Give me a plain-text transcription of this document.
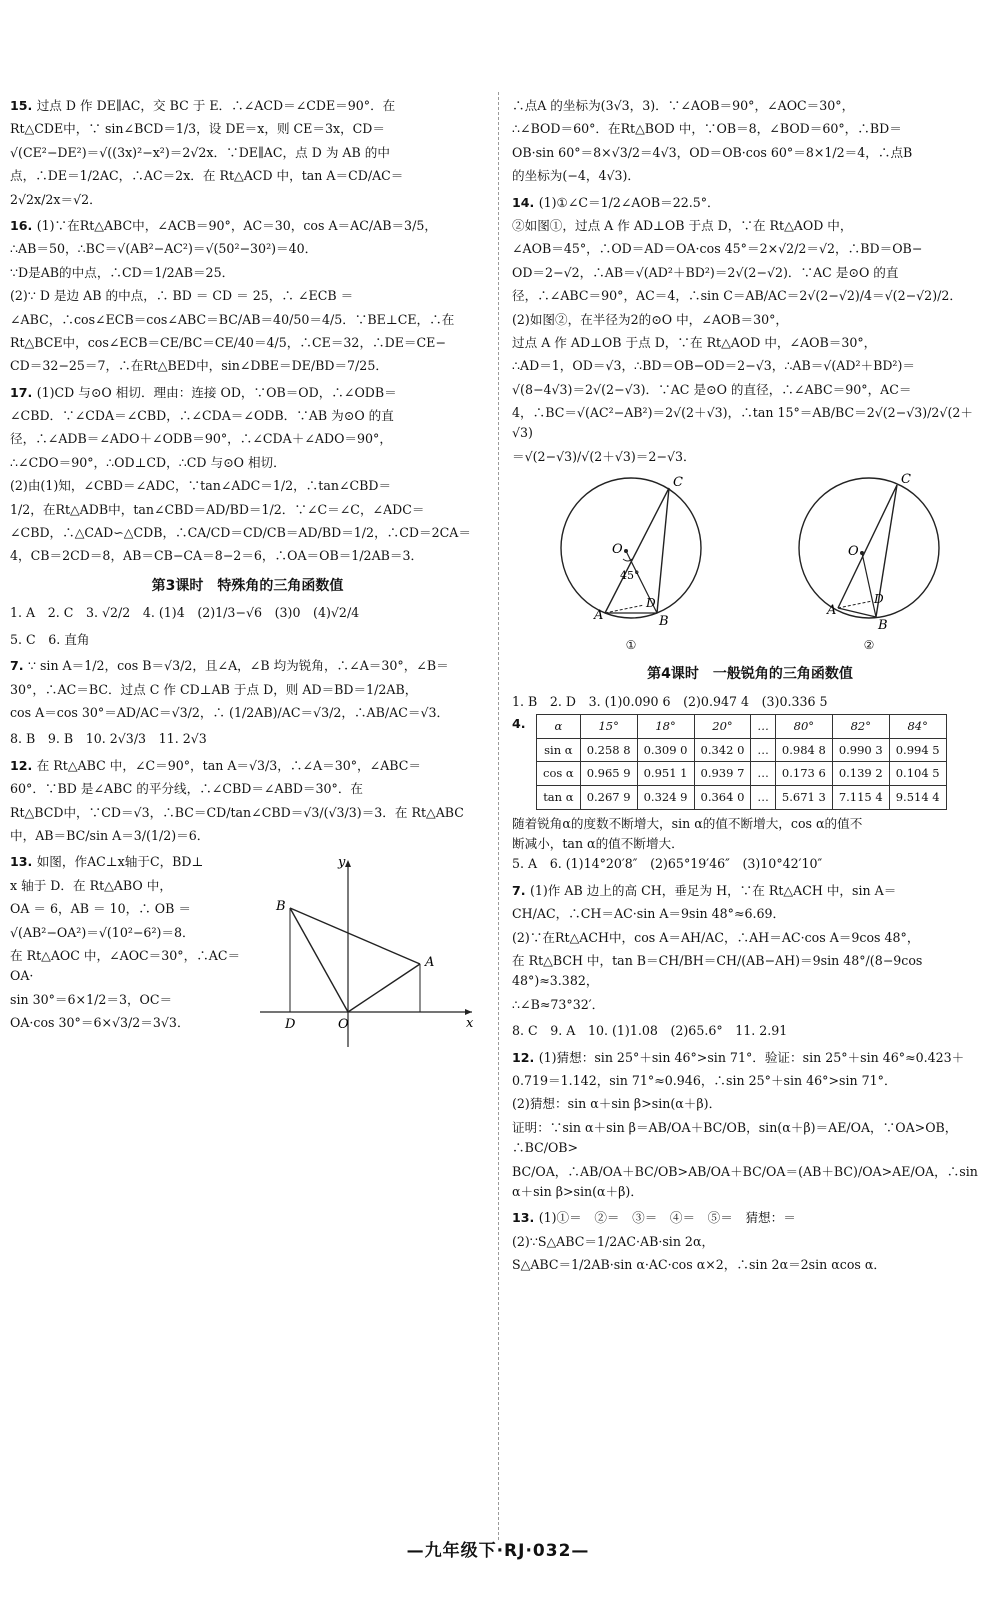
15. 过点 D 作 DE∥AC，交 BC 于 E．∴∠ACD＝∠CDE＝90°．在

Rt△CDE中，∵ sin∠BCD＝1/3，设 DE＝x，则 CE＝3x，CD＝

√(CE²−DE²)＝√((3x)²−x²)＝2√2x．∵DE∥AC，点 D 为 AB 的中

点，∴DE＝1/2AC，∴AC＝2x．在 Rt△ACD 中，tan A＝CD/AC＝

2√2x/2x＝√2．

16. (1)∵在Rt△ABC中，∠ACB＝90°，AC＝30，cos A＝AC/AB＝3/5，

∴AB＝50，∴BC＝√(AB²−AC²)＝√(50²−30²)＝40．

∵D是AB的中点，∴CD＝1/2AB＝25．

(2)∵ D 是边 AB 的中点，∴ BD ＝ CD ＝ 25，∴ ∠ECB ＝

∠ABC，∴cos∠ECB＝cos∠ABC＝BC/AB＝40/50＝4/5．∵BE⊥CE，∴在

Rt△BCE中，cos∠ECB＝CE/BC＝CE/40＝4/5，∴CE＝32，∴DE＝CE−

CD＝32−25＝7，∴在Rt△BED中，sin∠DBE＝DE/BD＝7/25．

17. (1)CD 与⊙O 相切．理由：连接 OD，∵OB＝OD，∴∠ODB＝

∠CBD．∵∠CDA＝∠CBD，∴∠CDA＝∠ODB．∵AB 为⊙O 的直

径，∴∠ADB＝∠ADO＋∠ODB＝90°，∴∠CDA＋∠ADO＝90°，

∴∠CDO＝90°，∴OD⊥CD，∴CD 与⊙O 相切．

(2)由(1)知，∠CBD＝∠ADC，∵tan∠ADC＝1/2，∴tan∠CBD＝

1/2，在Rt△ADB中，tan∠CBD＝AD/BD＝1/2．∵∠C＝∠C，∠ADC＝

∠CBD，∴△CAD∽△CDB，∴CA/CD＝CD/CB＝AD/BD＝1/2，∴CD＝2CA＝

4，CB＝2CD＝8，AB＝CB−CA＝8−2＝6，∴OA＝OB＝1/2AB＝3．

第3课时　特殊角的三角函数值

1. A　2. C　3. √2/2　4. (1)4　(2)1/3−√6　(3)0　(4)√2/4

5. C　6. 直角

7. ∵ sin A＝1/2，cos B＝√3/2，且∠A，∠B 均为锐角，∴∠A＝30°，∠B＝

30°，∴AC＝BC．过点 C 作 CD⊥AB 于点 D，则 AD＝BD＝1/2AB，

cos A＝cos 30°＝AD/AC＝√3/2，∴ (1/2AB)/AC＝√3/2，∴AB/AC＝√3．

8. B　9. B　10. 2√3/3　11. 2√3

12. 在 Rt△ABC 中，∠C＝90°，tan A＝√3/3，∴∠A＝30°，∠ABC＝

60°．∵BD 是∠ABC 的平分线，∴∠CBD＝∠ABD＝30°．在

Rt△BCD中，∵CD＝√3，∴BC＝CD/tan∠CBD＝√3/(√3/3)＝3．在 Rt△ABC

中，AB＝BC/sin A＝3/(1/2)＝6．

13. 如图，作AC⊥x轴于C，BD⊥

x 轴于 D．在 Rt△ABO 中，

OA ＝ 6，AB ＝ 10，∴ OB ＝

√(AB²−OA²)＝√(10²−6²)＝8．

在 Rt△AOC 中，∠AOC＝30°，∴AC＝OA·

sin 30°＝6×1/2＝3，OC＝

OA·cos 30°＝6×√3/2＝3√3．

y
x
B
A
D	O

∴点A 的坐标为(3√3，3)．∵∠AOB＝90°，∠AOC＝30°，

∴∠BOD＝60°．在Rt△BOD 中，∵OB＝8，∠BOD＝60°，∴BD＝

OB·sin 60°＝8×√3/2＝4√3，OD＝OB·cos 60°＝8×1/2＝4，∴点B

的坐标为(−4，4√3)．

14. (1)①∠C＝1/2∠AOB＝22.5°．

②如图①，过点 A 作 AD⊥OB 于点 D，∵在 Rt△AOD 中，

∠AOB＝45°，∴OD＝AD＝OA·cos 45°＝2×√2/2＝√2，∴BD＝OB−

OD＝2−√2，∴AB＝√(AD²＋BD²)＝2√(2−√2)．∵AC 是⊙O 的直

径，∴∠ABC＝90°，AC＝4，∴sin C＝AB/AC＝2√(2−√2)/4＝√(2−√2)/2．

(2)如图②，在半径为2的⊙O 中，∠AOB＝30°，

过点 A 作 AD⊥OB 于点 D，∵在 Rt△AOD 中，∠AOB＝30°，

∴AD＝1，OD＝√3，∴BD＝OB−OD＝2−√3，∴AB＝√(AD²＋BD²)＝

√(8−4√3)＝2√(2−√3)．∵AC 是⊙O 的直径，∴∠ABC＝90°，AC＝

4，∴BC＝√(AC²−AB²)＝2√(2＋√3)，∴tan 15°＝AB/BC＝2√(2−√3)/2√(2＋√3)

＝√(2−√3)/√(2＋√3)＝2−√3．

C
O
A	B
D
45°
①
C
O
A
B
D
②
第4课时　一般锐角的三角函数值

1. B　2. D　3. (1)0.090 6　(2)0.947 4　(3)0.336 5

4.	α	15°	18°	20°	…	80°	82°	84°
sin α	0.258 8	0.309 0	0.342 0	…	0.984 8	0.990 3	0.994 5
cos α	0.965 9	0.951 1	0.939 7	…	0.173 6	0.139 2	0.104 5
tan α	0.267 9	0.324 9	0.364 0	…	5.671 3	7.115 4	9.514 4

随着锐角α的度数不断增大，sin α的值不断增大，cos α的值不

断减小，tan α的值不断增大．

5. A　6. (1)14°20′8″　(2)65°19′46″　(3)10°42′10″

7. (1)作 AB 边上的高 CH，垂足为 H，∵在 Rt△ACH 中，sin A＝

CH/AC，∴CH＝AC·sin A＝9sin 48°≈6.69．

(2)∵在Rt△ACH中，cos A＝AH/AC，∴AH＝AC·cos A＝9cos 48°，

在 Rt△BCH 中，tan B＝CH/BH＝CH/(AB−AH)＝9sin 48°/(8−9cos 48°)≈3.382，

∴∠B≈73°32′．

8. C　9. A　10. (1)1.08　(2)65.6°　11. 2.91

12. (1)猜想：sin 25°＋sin 46°>sin 71°．验证：sin 25°＋sin 46°≈0.423＋

0.719＝1.142，sin 71°≈0.946，∴sin 25°＋sin 46°>sin 71°．

(2)猜想：sin α＋sin β>sin(α＋β)．

证明：∵sin α＋sin β＝AB/OA＋BC/OB，sin(α＋β)＝AE/OA，∵OA>OB，∴BC/OB>

BC/OA，∴AB/OA＋BC/OB>AB/OA＋BC/OA＝(AB＋BC)/OA>AE/OA，∴sin α＋sin β>sin(α＋β)．

13. (1)①＝　②＝　③＝　④＝　⑤＝　猜想：＝

(2)∵S△ABC＝1/2AC·AB·sin 2α，

S△ABC＝1/2AB·sin α·AC·cos α×2，∴sin 2α＝2sin αcos α．

—九年级下·RJ·032—
